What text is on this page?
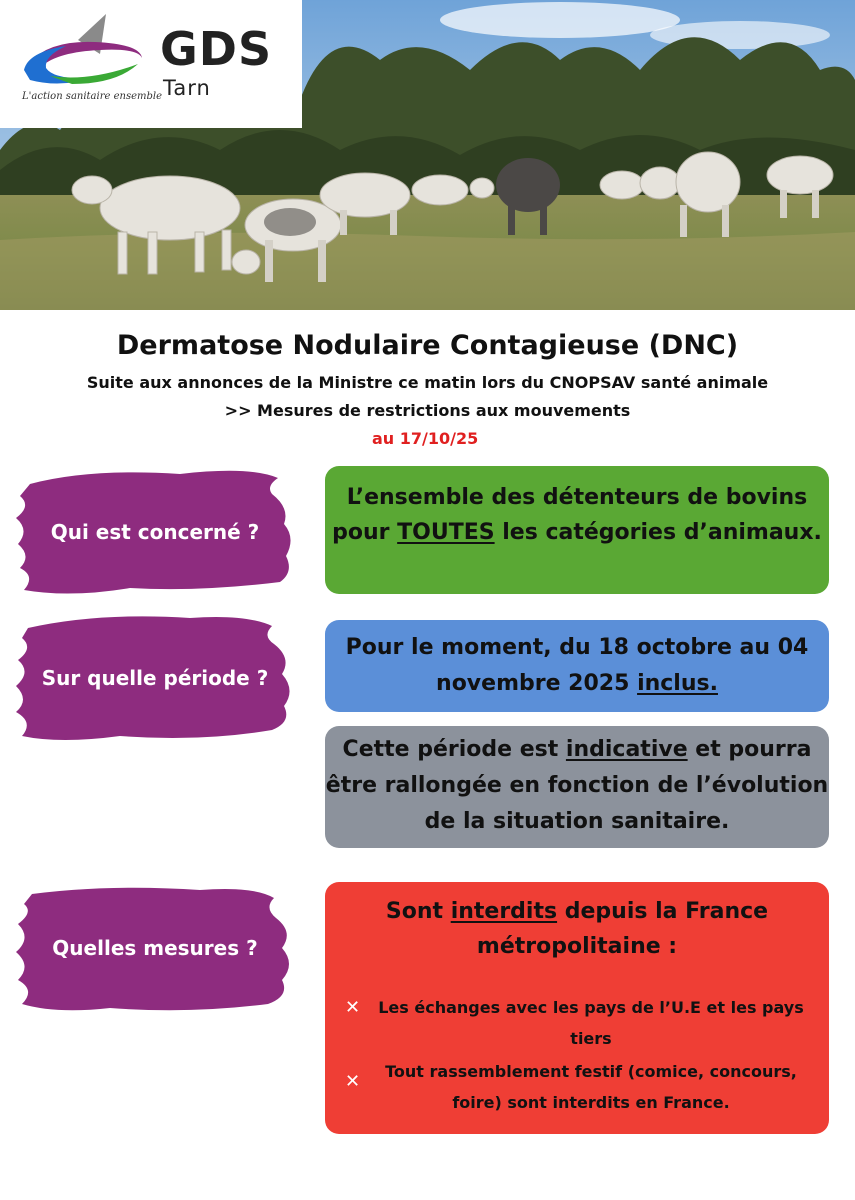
GDS
Tarn
L'action sanitaire ensemble
Dermatose Nodulaire Contagieuse (DNC)
Suite aux annonces de la Ministre ce matin lors du CNOPSAV santé animale
>> Mesures de restrictions aux mouvements
au 17/10/25
Qui est concerné ?
L’ensemble des détenteurs de bovins pour TOUTES les catégories d’animaux.
Sur quelle période ?
Pour le moment, du 18 octobre au 04 novembre 2025 inclus.
Cette période est indicative et pourra être rallongée en fonction de l’évolution de la situation sanitaire.
Quelles mesures ?
Sont interdits depuis la France métropolitaine :
✕	Les échanges avec les pays de l’U.E et les pays tiers
✕	Tout rassemblement festif (comice, concours, foire) sont interdits en France.
